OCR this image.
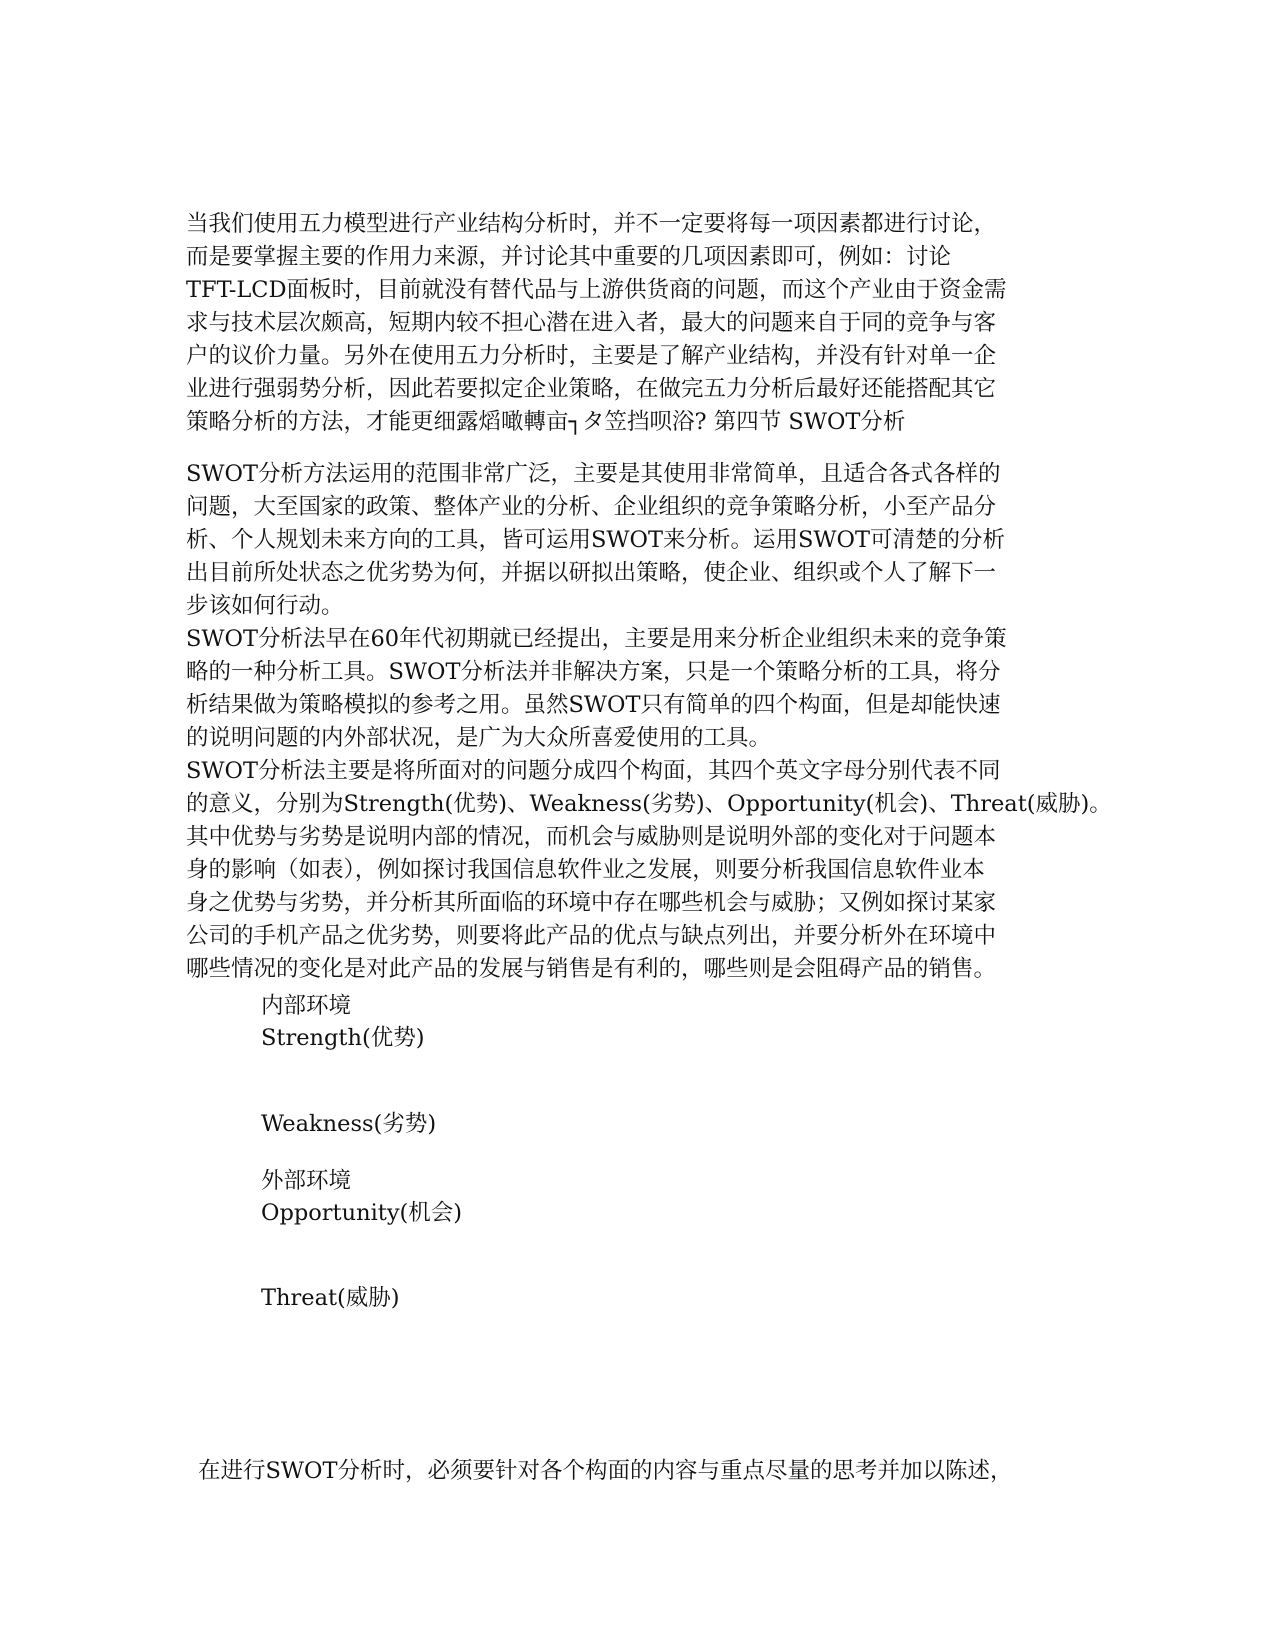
当我们使用五力模型进行产业结构分析时，并不一定要将每一项因素都进行讨论，
而是要掌握主要的作用力来源，并讨论其中重要的几项因素即可，例如：讨论
TFT-LCD面板时，目前就没有替代品与上游供货商的问题，而这个产业由于资金需
求与技术层次颇高，短期内较不担心潜在进入者，最大的问题来自于同的竞争与客
户的议价力量。另外在使用五力分析时，主要是了解产业结构，并没有针对单一企
业进行强弱势分析，因此若要拟定企业策略，在做完五力分析后最好还能搭配其它
策略分析的方法，才能更细露熖噉轉亩┐タ笠挡呗浴? 第四节 SWOT分析
SWOT分析方法运用的范围非常广泛，主要是其使用非常简单，且适合各式各样的
问题，大至国家的政策、整体产业的分析、企业组织的竞争策略分析，小至产品分
析、个人规划未来方向的工具，皆可运用SWOT来分析。运用SWOT可清楚的分析
出目前所处状态之优劣势为何，并据以研拟出策略，使企业、组织或个人了解下一
步该如何行动。
SWOT分析法早在60年代初期就已经提出，主要是用来分析企业组织未来的竞争策
略的一种分析工具。SWOT分析法并非解决方案，只是一个策略分析的工具，将分
析结果做为策略模拟的参考之用。虽然SWOT只有简单的四个构面，但是却能快速
的说明问题的内外部状况，是广为大众所喜爱使用的工具。
SWOT分析法主要是将所面对的问题分成四个构面，其四个英文字母分别代表不同
的意义，分别为Strength(优势)、Weakness(劣势)、Opportunity(机会)、Threat(威胁)。
其中优势与劣势是说明内部的情况，而机会与威胁则是说明外部的变化对于问题本
身的影响（如表），例如探讨我国信息软件业之发展，则要分析我国信息软件业本
身之优势与劣势，并分析其所面临的环境中存在哪些机会与威胁；又例如探讨某家
公司的手机产品之优劣势，则要将此产品的优点与缺点列出，并要分析外在环境中
哪些情况的变化是对此产品的发展与销售是有利的，哪些则是会阻碍产品的销售。
内部环境
Strength(优势)
Weakness(劣势)
外部环境
Opportunity(机会)
Threat(威胁)
在进行SWOT分析时，必须要针对各个构面的内容与重点尽量的思考并加以陈述，
